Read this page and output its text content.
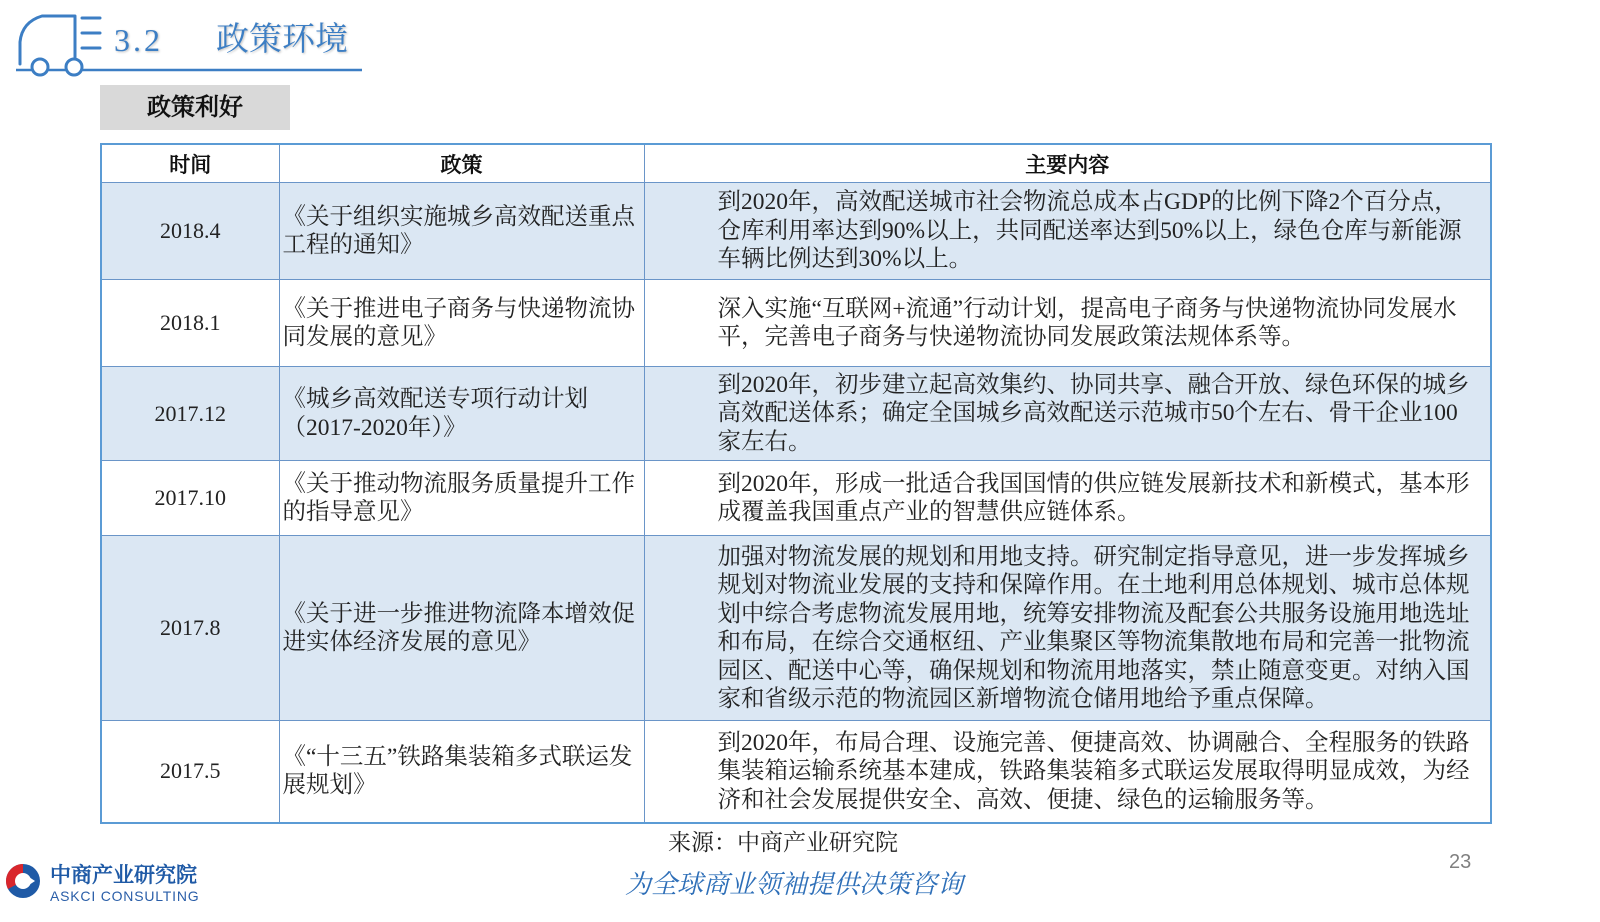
3.2 政策环境
政策利好
时间	政策	主要内容
2018.4	《关于组织实施城乡高效配送重点工程的通知》	到2020年，高效配送城市社会物流总成本占GDP的比例下降2个百分点，仓库利用率达到90%以上，共同配送率达到50%以上，绿色仓库与新能源车辆比例达到30%以上。
2018.1	《关于推进电子商务与快递物流协同发展的意见》	深入实施“互联网+流通”行动计划，提高电子商务与快递物流协同发展水平，完善电子商务与快递物流协同发展政策法规体系等。
2017.12	《城乡高效配送专项行动计划（2017-2020年）》	到2020年，初步建立起高效集约、协同共享、融合开放、绿色环保的城乡高效配送体系；确定全国城乡高效配送示范城市50个左右、骨干企业100家左右。
2017.10	《关于推动物流服务质量提升工作的指导意见》	到2020年，形成一批适合我国国情的供应链发展新技术和新模式，基本形成覆盖我国重点产业的智慧供应链体系。
2017.8	《关于进一步推进物流降本增效促进实体经济发展的意见》	加强对物流发展的规划和用地支持。研究制定指导意见，进一步发挥城乡规划对物流业发展的支持和保障作用。在土地利用总体规划、城市总体规划中综合考虑物流发展用地，统筹安排物流及配套公共服务设施用地选址和布局，在综合交通枢纽、产业集聚区等物流集散地布局和完善一批物流园区、配送中心等，确保规划和物流用地落实，禁止随意变更。对纳入国家和省级示范的物流园区新增物流仓储用地给予重点保障。
2017.5	《“十三五”铁路集装箱多式联运发展规划》	到2020年，布局合理、设施完善、便捷高效、协调融合、全程服务的铁路集装箱运输系统基本建成，铁路集装箱多式联运发展取得明显成效，为经济和社会发展提供安全、高效、便捷、绿色的运输服务等。
来源：中商产业研究院
23
中商产业研究院
ASKCI CONSULTING	为全球商业领袖提供决策咨询
